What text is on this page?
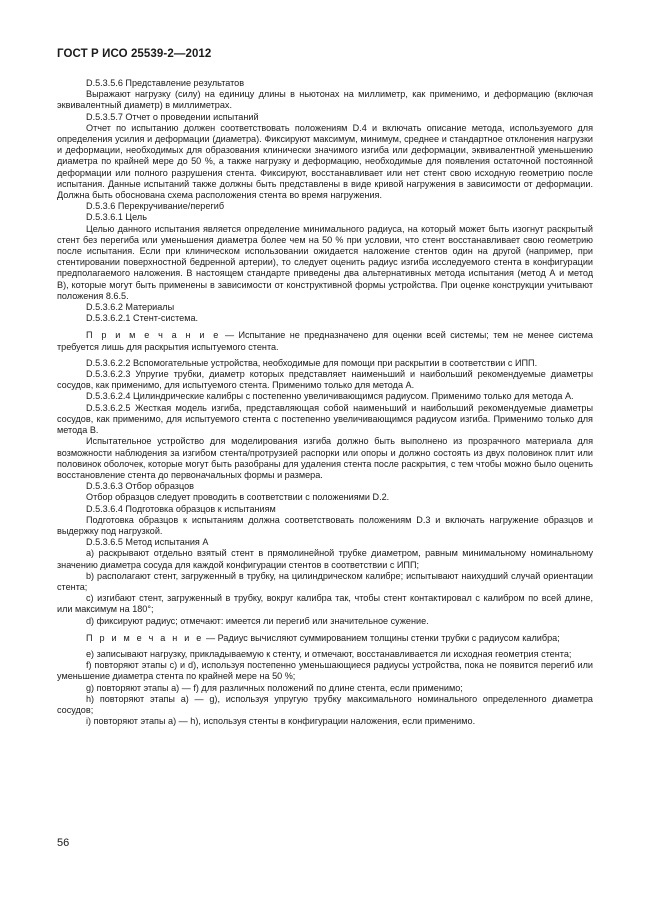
ГОСТ Р ИСО 25539-2—2012

D.5.3.5.6 Представление результатов

Выражают нагрузку (силу) на единицу длины в ньютонах на миллиметр, как применимо, и деформацию (включая эквивалентный диаметр) в миллиметрах.

D.5.3.5.7 Отчет о проведении испытаний

Отчет по испытанию должен соответствовать положениям D.4 и включать описание метода, используемого для определения усилия и деформации (диаметра). Фиксируют максимум, минимум, среднее и стандартное отклонения нагрузки и деформации, необходимых для образования клинически значимого изгиба или деформации, эквивалентной уменьшению диаметра по крайней мере до 50 %, а также нагрузку и деформацию, необходимые для появления остаточной постоянной деформации или полного разрушения стента. Фиксируют, восстанавливает или нет стент свою исходную геометрию после испытания. Данные испытаний также должны быть представлены в виде кривой нагружения в зависимости от деформации. Должна быть обоснована схема расположения стента во время нагружения.

D.5.3.6 Перекручивание/перегиб

D.5.3.6.1 Цель

Целью данного испытания является определение минимального радиуса, на который может быть изогнут раскрытый стент без перегиба или уменьшения диаметра более чем на 50 % при условии, что стент восстанавливает свою геометрию после испытания. Если при клиническом использовании ожидается наложение стентов один на другой (например, при стентировании поверхностной бедренной артерии), то следует оценить радиус изгиба исследуемого стента в конфигурации предполагаемого наложения. В настоящем стандарте приведены два альтернативных метода испытания (метод А и метод В), которые могут быть применены в зависимости от конструктивной формы устройства. При оценке конструкции учитывают положения 8.6.5.

D.5.3.6.2 Материалы

D.5.3.6.2.1 Стент-система.

П р и м е ч а н и е — Испытание не предназначено для оценки всей системы; тем не менее система требуется лишь для раскрытия испытуемого стента.

D.5.3.6.2.2 Вспомогательные устройства, необходимые для помощи при раскрытии в соответствии с ИПП.

D.5.3.6.2.3 Упругие трубки, диаметр которых представляет наименьший и наибольший рекомендуемые диаметры сосудов, как применимо, для испытуемого стента. Применимо только для метода А.

D.5.3.6.2.4 Цилиндрические калибры с постепенно увеличивающимся радиусом. Применимо только для метода А.

D.5.3.6.2.5 Жесткая модель изгиба, представляющая собой наименьший и наибольший рекомендуемые диаметры сосудов, как применимо, для испытуемого стента с постепенно увеличивающимся радиусом изгиба. Применимо только для метода В.

Испытательное устройство для моделирования изгиба должно быть выполнено из прозрачного материала для возможности наблюдения за изгибом стента/протрузией распорки или опоры и должно состоять из двух половинок плит или половинок оболочек, которые могут быть разобраны для удаления стента после раскрытия, с тем чтобы можно было оценить восстановление стента до первоначальных формы и размера.

D.5.3.6.3 Отбор образцов

Отбор образцов следует проводить в соответствии с положениями D.2.

D.5.3.6.4 Подготовка образцов к испытаниям

Подготовка образцов к испытаниям должна соответствовать положениям D.3 и включать нагружение образцов и выдержку под нагрузкой.

D.5.3.6.5 Метод испытания А

a) раскрывают отдельно взятый стент в прямолинейной трубке диаметром, равным минимальному номинальному значению диаметра сосуда для каждой конфигурации стентов в соответствии с ИПП;

b) располагают стент, загруженный в трубку, на цилиндрическом калибре; испытывают наихудший случай ориентации стента;

c) изгибают стент, загруженный в трубку, вокруг калибра так, чтобы стент контактировал с калибром по всей длине, или максимум на 180°;

d) фиксируют радиус; отмечают: имеется ли перегиб или значительное сужение.

П р и м е ч а н и е — Радиус вычисляют суммированием толщины стенки трубки с радиусом калибра;

e) записывают нагрузку, прикладываемую к стенту, и отмечают, восстанавливается ли исходная геометрия стента;

f) повторяют этапы c) и d), используя постепенно уменьшающиеся радиусы устройства, пока не появится перегиб или уменьшение диаметра стента по крайней мере на 50 %;

g) повторяют этапы a) — f) для различных положений по длине стента, если применимо;

h) повторяют этапы a) — g), используя упругую трубку максимального номинального определенного диаметра сосудов;

i) повторяют этапы a) — h), используя стенты в конфигурации наложения, если применимо.

56
